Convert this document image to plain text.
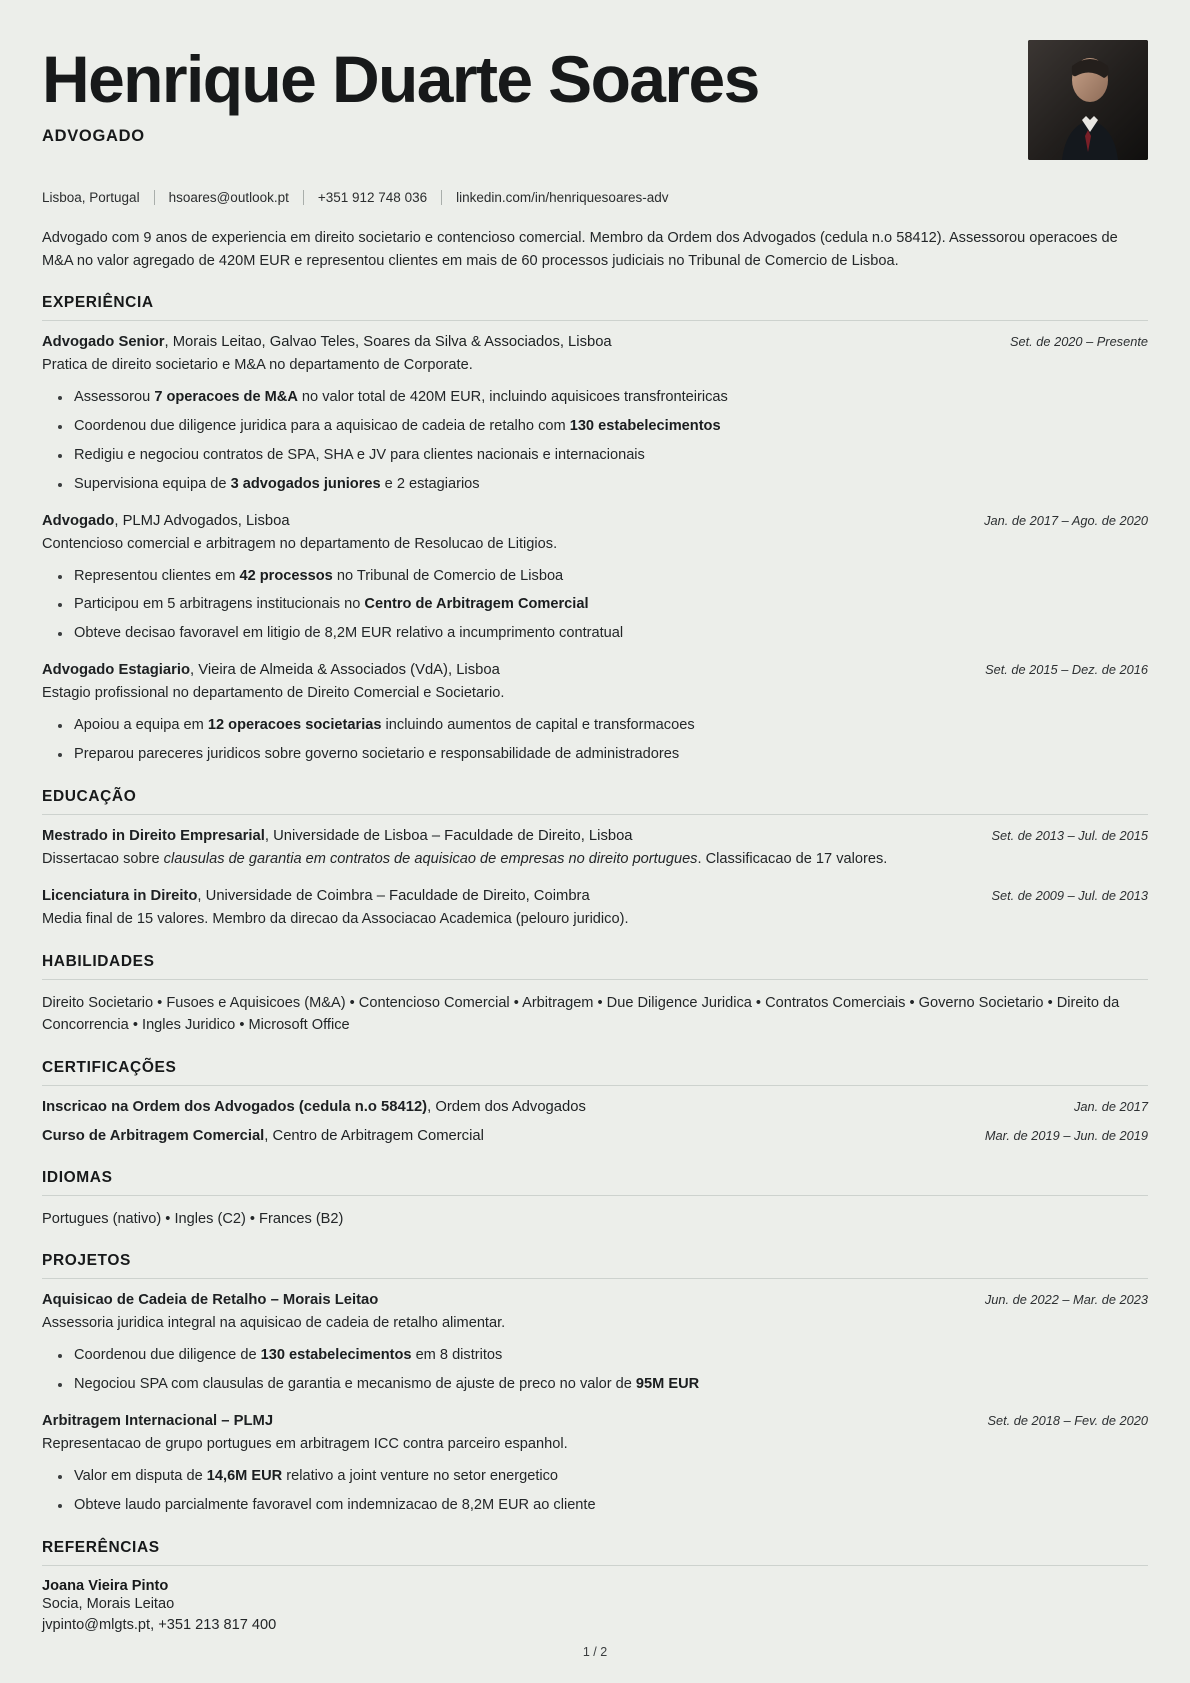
Henrique Duarte Soares
ADVOGADO
Lisboa, Portugal hsoares@outlook.pt +351 912 748 036 linkedin.com/in/henriquesoares-adv
Advogado com 9 anos de experiencia em direito societario e contencioso comercial. Membro da Ordem dos Advogados (cedula n.o 58412). Assessorou operacoes de M&A no valor agregado de 420M EUR e representou clientes em mais de 60 processos judiciais no Tribunal de Comercio de Lisboa.
EXPERIÊNCIA
Advogado Senior, Morais Leitao, Galvao Teles, Soares da Silva & Associados, Lisboa	Set. de 2020 – Presente
Pratica de direito societario e M&A no departamento de Corporate.
Assessorou 7 operacoes de M&A no valor total de 420M EUR, incluindo aquisicoes transfronteiricas
Coordenou due diligence juridica para a aquisicao de cadeia de retalho com 130 estabelecimentos
Redigiu e negociou contratos de SPA, SHA e JV para clientes nacionais e internacionais
Supervisiona equipa de 3 advogados juniores e 2 estagiarios
Advogado, PLMJ Advogados, Lisboa	Jan. de 2017 – Ago. de 2020
Contencioso comercial e arbitragem no departamento de Resolucao de Litigios.
Representou clientes em 42 processos no Tribunal de Comercio de Lisboa
Participou em 5 arbitragens institucionais no Centro de Arbitragem Comercial
Obteve decisao favoravel em litigio de 8,2M EUR relativo a incumprimento contratual
Advogado Estagiario, Vieira de Almeida & Associados (VdA), Lisboa	Set. de 2015 – Dez. de 2016
Estagio profissional no departamento de Direito Comercial e Societario.
Apoiou a equipa em 12 operacoes societarias incluindo aumentos de capital e transformacoes
Preparou pareceres juridicos sobre governo societario e responsabilidade de administradores
EDUCAÇÃO
Mestrado in Direito Empresarial, Universidade de Lisboa – Faculdade de Direito, Lisboa	Set. de 2013 – Jul. de 2015
Dissertacao sobre clausulas de garantia em contratos de aquisicao de empresas no direito portugues. Classificacao de 17 valores.
Licenciatura in Direito, Universidade de Coimbra – Faculdade de Direito, Coimbra	Set. de 2009 – Jul. de 2013
Media final de 15 valores. Membro da direcao da Associacao Academica (pelouro juridico).
HABILIDADES
Direito Societario • Fusoes e Aquisicoes (M&A) • Contencioso Comercial • Arbitragem • Due Diligence Juridica • Contratos Comerciais • Governo Societario • Direito da Concorrencia • Ingles Juridico • Microsoft Office
CERTIFICAÇÕES
Inscricao na Ordem dos Advogados (cedula n.o 58412), Ordem dos Advogados	Jan. de 2017
Curso de Arbitragem Comercial, Centro de Arbitragem Comercial	Mar. de 2019 – Jun. de 2019
IDIOMAS
Portugues (nativo) • Ingles (C2) • Frances (B2)
PROJETOS
Aquisicao de Cadeia de Retalho – Morais Leitao	Jun. de 2022 – Mar. de 2023
Assessoria juridica integral na aquisicao de cadeia de retalho alimentar.
Coordenou due diligence de 130 estabelecimentos em 8 distritos
Negociou SPA com clausulas de garantia e mecanismo de ajuste de preco no valor de 95M EUR
Arbitragem Internacional – PLMJ	Set. de 2018 – Fev. de 2020
Representacao de grupo portugues em arbitragem ICC contra parceiro espanhol.
Valor em disputa de 14,6M EUR relativo a joint venture no setor energetico
Obteve laudo parcialmente favoravel com indemnizacao de 8,2M EUR ao cliente
REFERÊNCIAS
Joana Vieira Pinto
Socia, Morais Leitao
jvpinto@mlgts.pt, +351 213 817 400
1 / 2
